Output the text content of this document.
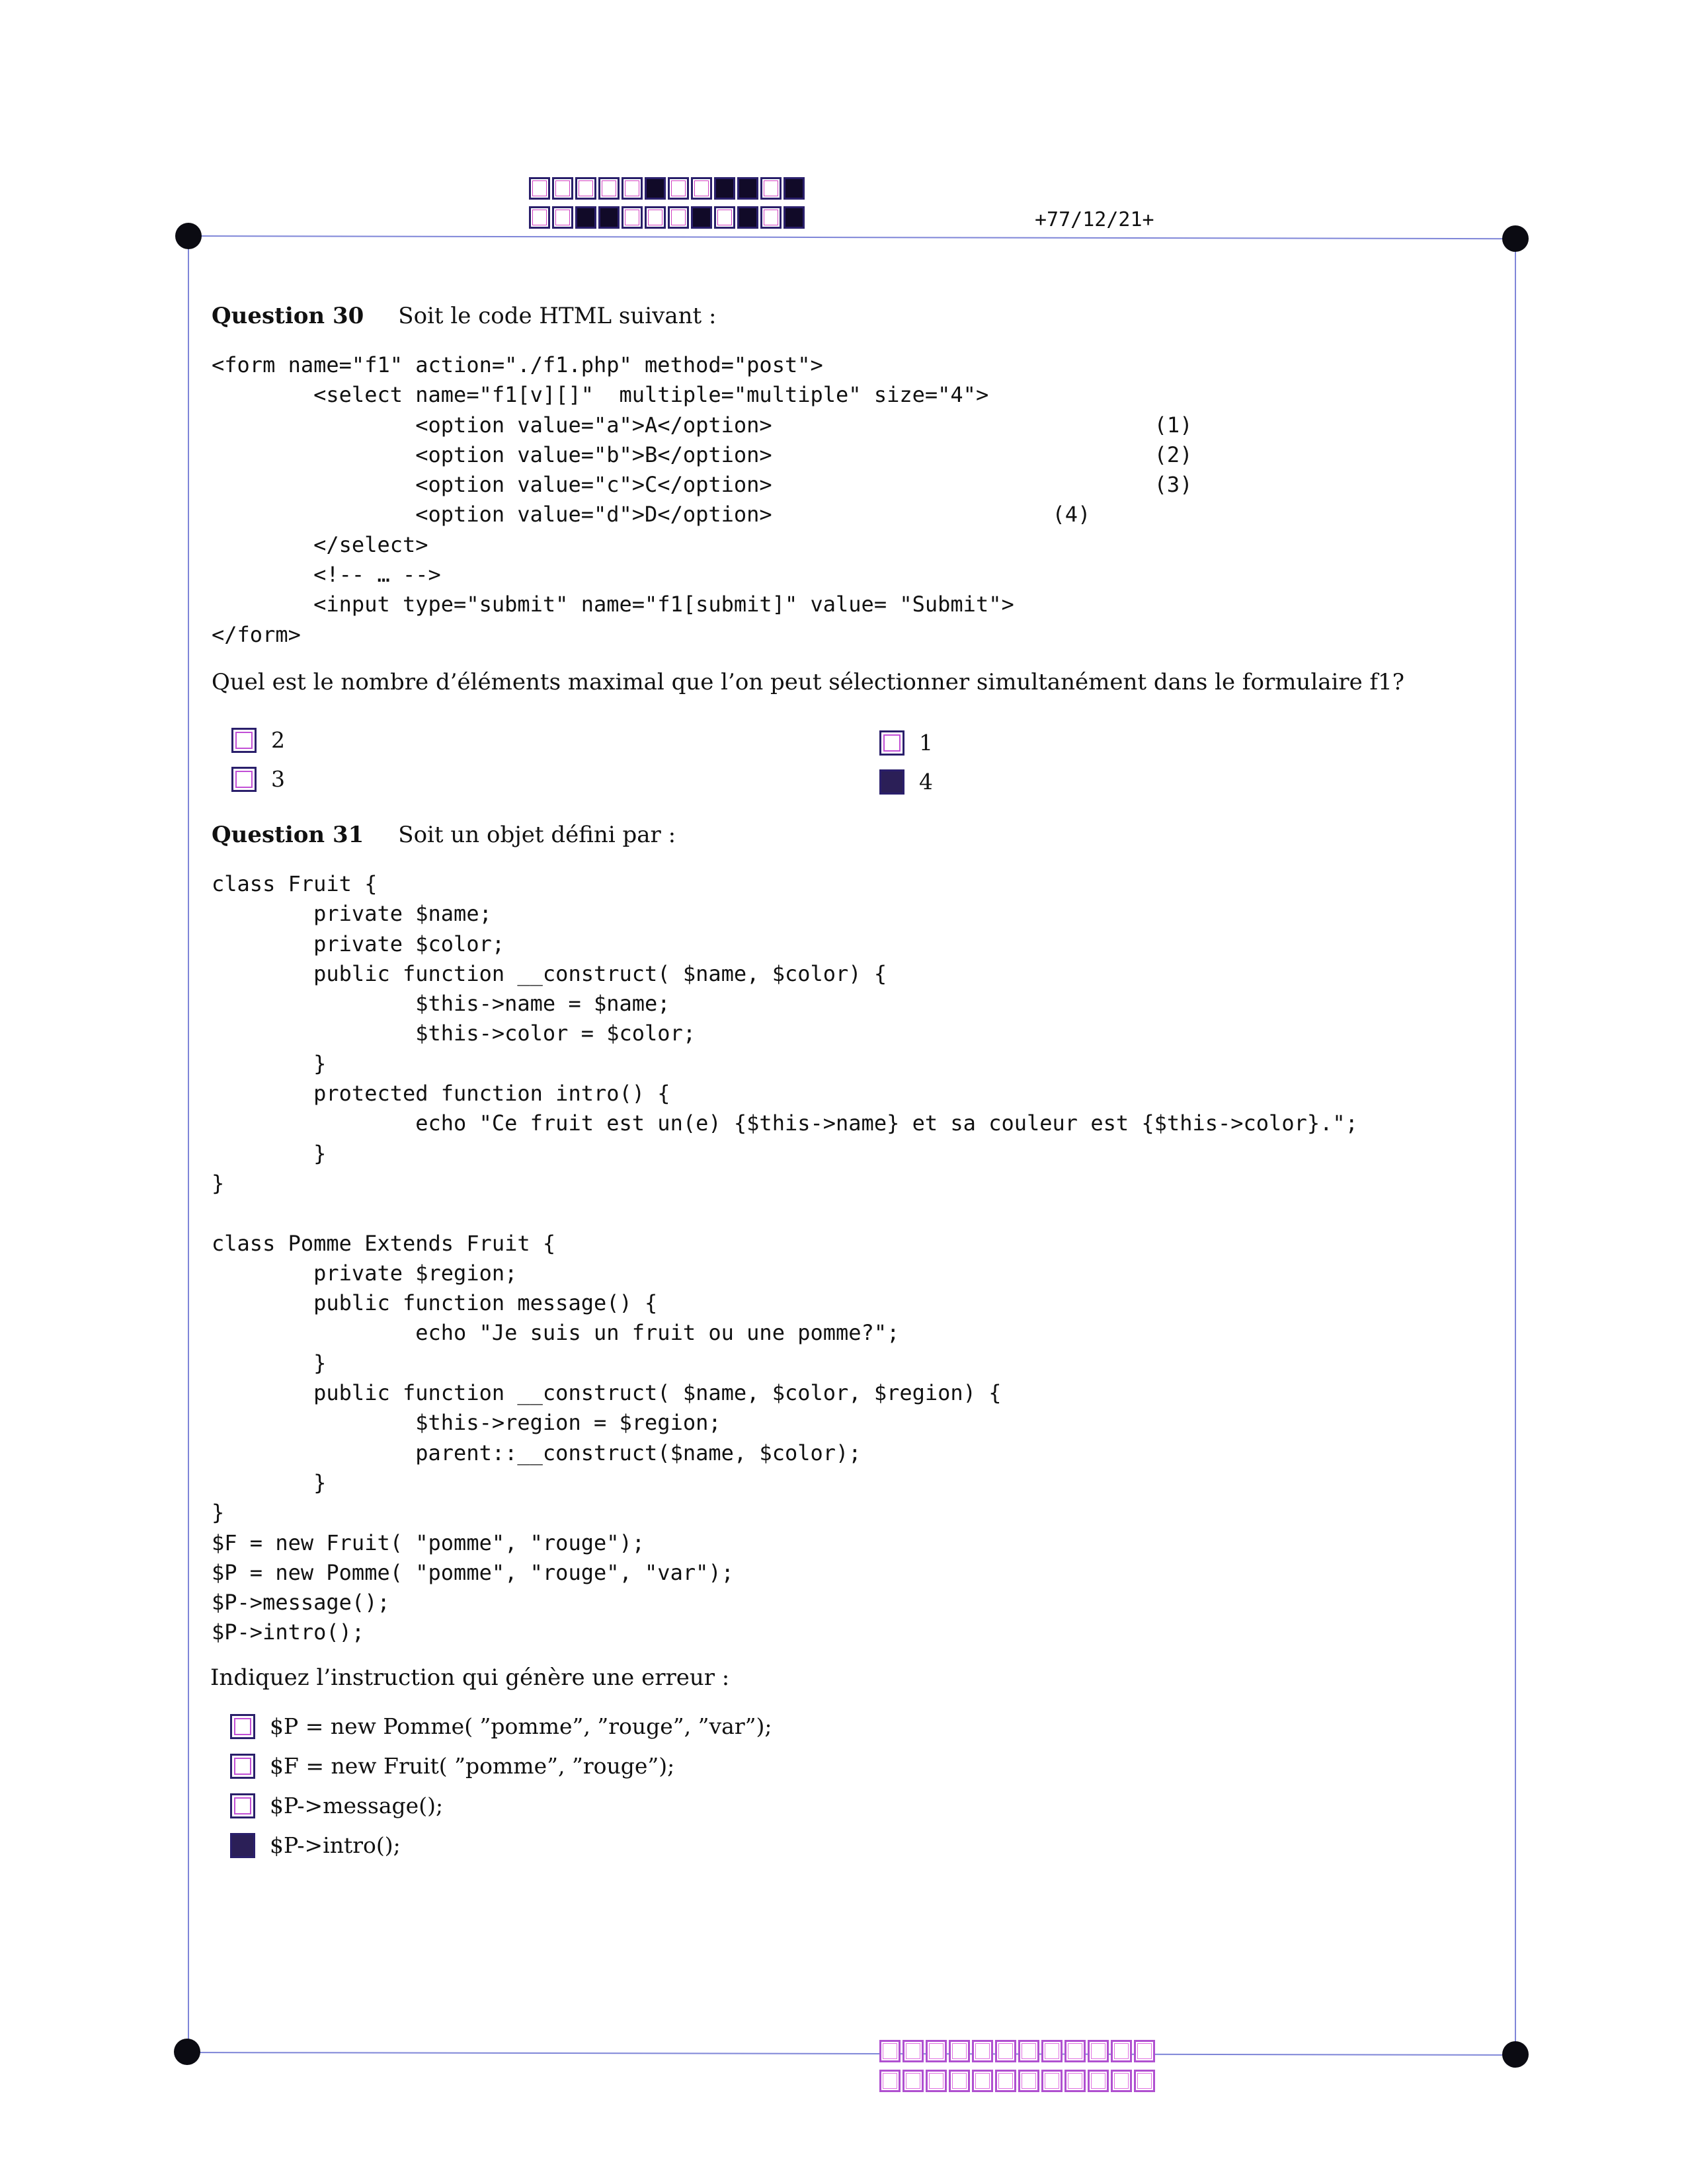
+77/12/21+
Question 30 Soit le code HTML suivant :
<form name="f1" action="./f1.php" method="post">
<select name="f1[v][]"  multiple="multiple" size="4">
<option value="a">A</option>                              (1)
<option value="b">B</option>                              (2)
<option value="c">C</option>                              (3)
<option value="d">D</option>                      (4)
</select>
<!-- … -->
<input type="submit" name="f1[submit]" value= "Submit">
</form>
Quel est le nombre d’éléments maximal que l’on peut sélectionner simultanément dans le formulaire f1?
2
3
1
4
Question 31 Soit un objet défini par :
class Fruit {
private $name;
private $color;
public function __construct( $name, $color) {
$this->name = $name;
$this->color = $color;
}
protected function intro() {
echo "Ce fruit est un(e) {$this->name} et sa couleur est {$this->color}.";
}
}

class Pomme Extends Fruit {
private $region;
public function message() {
echo "Je suis un fruit ou une pomme?";
}
public function __construct( $name, $color, $region) {
$this->region = $region;
parent::__construct($name, $color);
}
}
$F = new Fruit( "pomme", "rouge");
$P = new Pomme( "pomme", "rouge", "var");
$P->message();
$P->intro();
Indiquez l’instruction qui génère une erreur :
$P = new Pomme( ”pomme”, ”rouge”, ”var”);
$F = new Fruit( ”pomme”, ”rouge”);
$P->message();
$P->intro();
